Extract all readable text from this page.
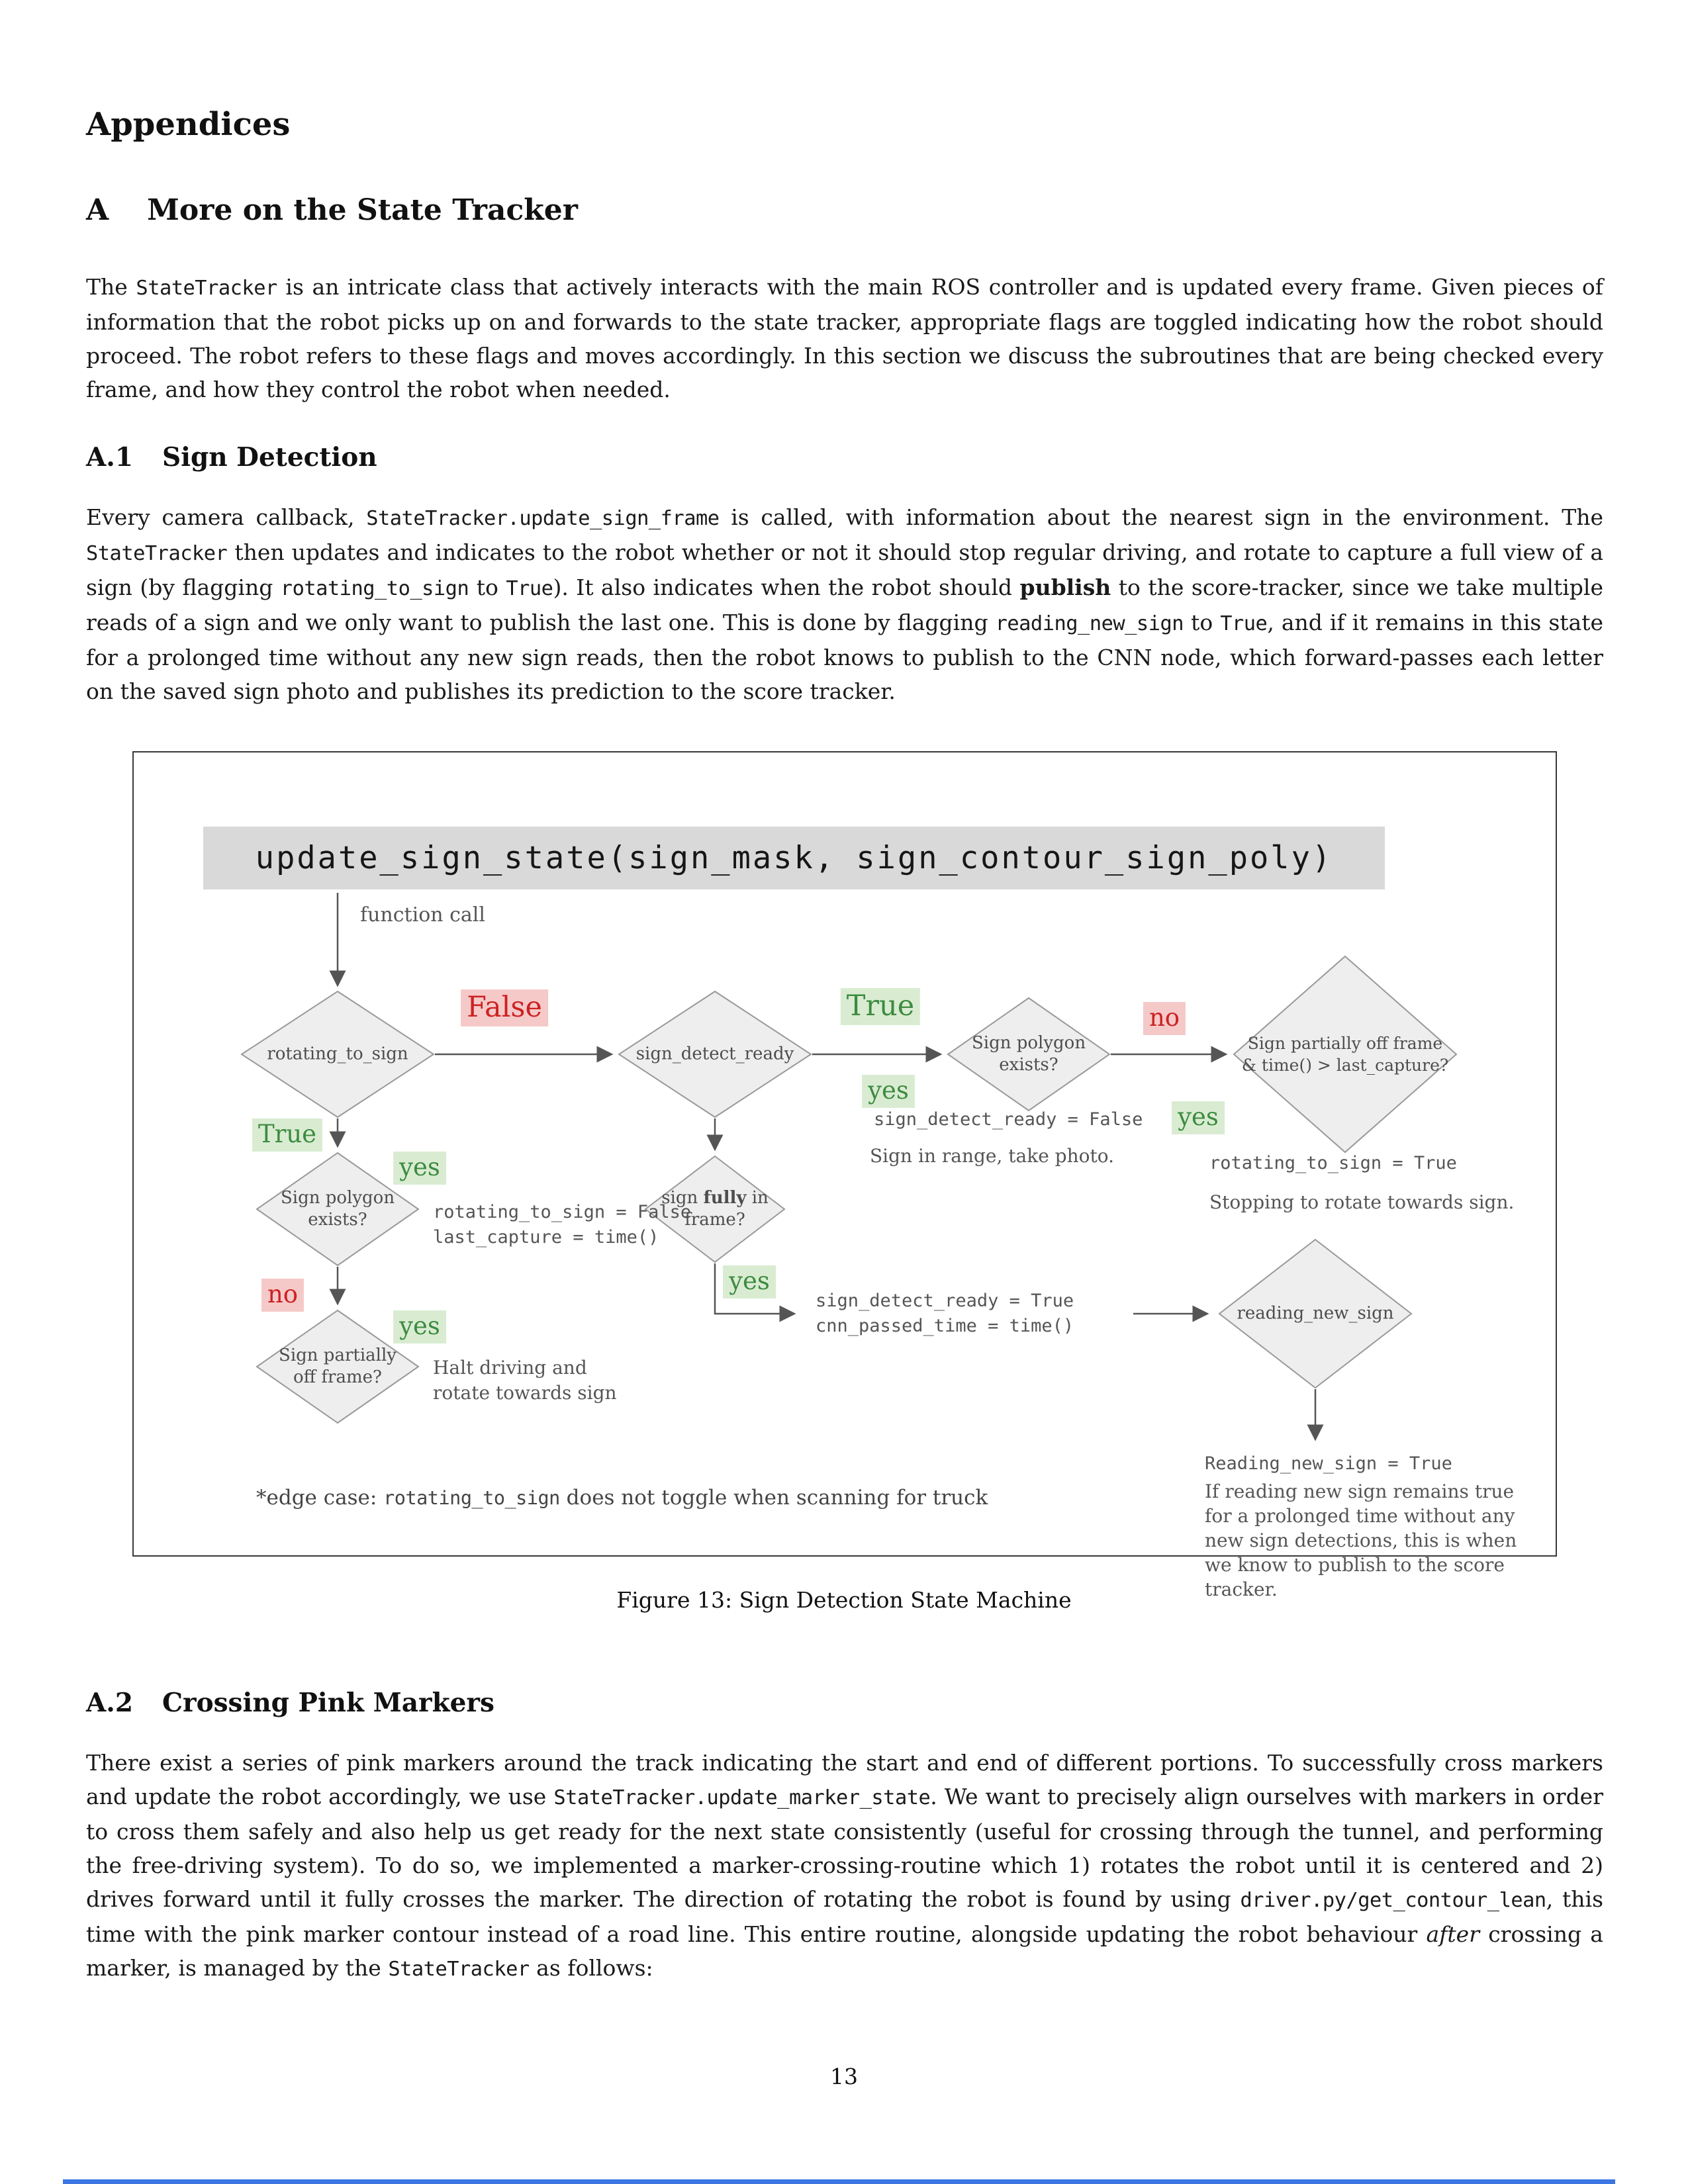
Appendices
A More on the State Tracker
The StateTracker is an intricate class that actively interacts with the main ROS controller and is updated every frame. Given pieces of information that the robot picks up on and forwards to the state tracker, appropriate flags are toggled indicating how the robot should proceed. The robot refers to these flags and moves accordingly. In this section we discuss the subroutines that are being checked every frame, and how they control the robot when needed.
A.1 Sign Detection
Every camera callback, StateTracker.update_sign_frame is called, with information about the nearest sign in the environment. The StateTracker then updates and indicates to the robot whether or not it should stop regular driving, and rotate to capture a full view of a sign (by flagging rotating_to_sign to True). It also indicates when the robot should publish to the score-tracker, since we take multiple reads of a sign and we only want to publish the last one. This is done by flagging reading_new_sign to True, and if it remains in this state for a prolonged time without any new sign reads, then the robot knows to publish to the CNN node, which forward-passes each letter on the saved sign photo and publishes its prediction to the score tracker.
update_sign_state(sign_mask, sign_contour_sign_poly)
function call
rotating_to_sign	sign_detect_ready
Sign polygon exists?
Sign partially off frame & time() > last_capture?
Sign polygon exists?
Sign partially off frame?
sign fully in frame?
reading_new_sign
False	True	no
True
yes
yes
yes
no
yes
yes
sign_detect_ready = False
Sign in range, take photo.	rotating_to_sign = True
Stopping to rotate towards sign.
rotating_to_sign = False
last_capture = time()
Halt driving and
rotate towards sign
sign_detect_ready = True
cnn_passed_time = time()
Reading_new_sign = True
If reading new sign remains true for a prolonged time without any new sign detections, this is when we know to publish to the score tracker.
*edge case: rotating_to_sign does not toggle when scanning for truck
Figure 13: Sign Detection State Machine
A.2 Crossing Pink Markers
There exist a series of pink markers around the track indicating the start and end of different portions. To successfully cross markers and update the robot accordingly, we use StateTracker.update_marker_state. We want to precisely align ourselves with markers in order to cross them safely and also help us get ready for the next state consistently (useful for crossing through the tunnel, and performing the free-driving system). To do so, we implemented a marker-crossing-routine which 1) rotates the robot until it is centered and 2) drives forward until it fully crosses the marker. The direction of rotating the robot is found by using driver.py/get_contour_lean, this time with the pink marker contour instead of a road line. This entire routine, alongside updating the robot behaviour after crossing a marker, is managed by the StateTracker as follows:
13
